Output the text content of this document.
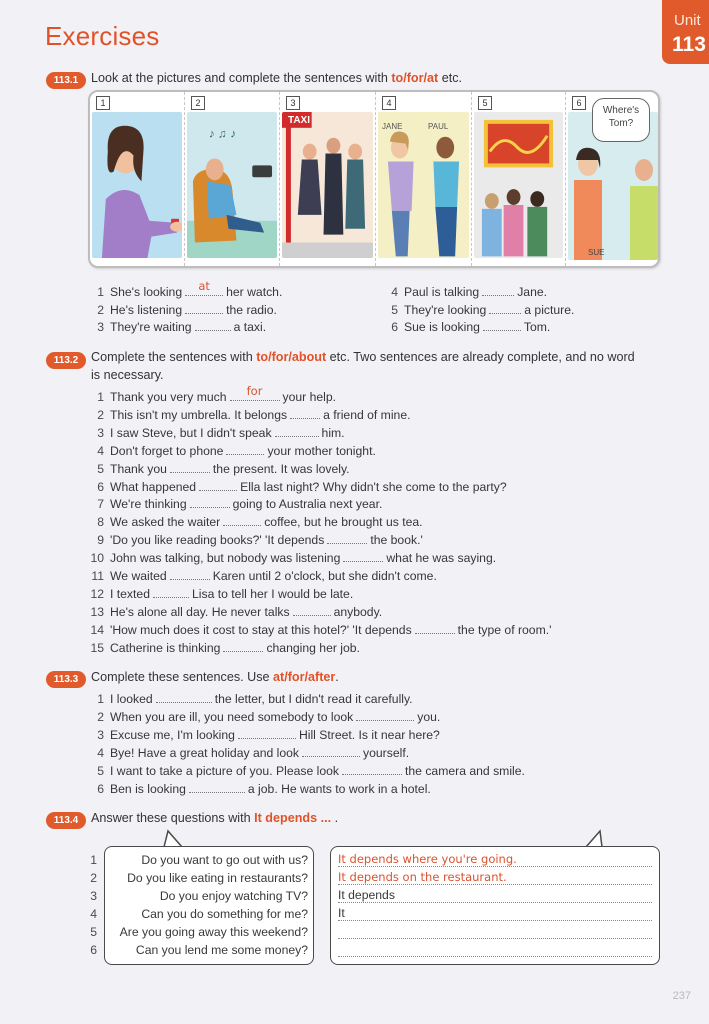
Unit
113
Exercises
113.1	Look at the pictures and complete the sentences with to/for/at etc.
1	2
♪ ♫ ♪
3
TAXI
4
JANE	PAUL
5	6
Where's Tom?
SUE
1 She's looking	at	her watch.
2 He's listening	the radio.
3 They're waiting	a taxi.
4 Paul is talking	Jane.
5 They're looking	a picture.
6 Sue is looking	Tom.
113.2	Complete the sentences with to/for/about etc. Two sentences are already complete, and no word
is necessary.
1 Thank you very much	for	your help.
2 This isn't my umbrella. It belongs	a friend of mine.
3 I saw Steve, but I didn't speak	him.
4 Don't forget to phone	your mother tonight.
5 Thank you	the present. It was lovely.
6 What happened	Ella last night? Why didn't she come to the party?
7 We're thinking	going to Australia next year.
8 We asked the waiter	coffee, but he brought us tea.
9 'Do you like reading books?' 'It depends	the book.'
10 John was talking, but nobody was listening	what he was saying.
11 We waited	Karen until 2 o'clock, but she didn't come.
12 I texted	Lisa to tell her I would be late.
13 He's alone all day. He never talks	anybody.
14 'How much does it cost to stay at this hotel?' 'It depends	the type of room.'
15 Catherine is thinking	changing her job.
113.3	Complete these sentences. Use at/for/after.
1 I looked	the letter, but I didn't read it carefully.
2 When you are ill, you need somebody to look	you.
3 Excuse me, I'm looking	Hill Street. Is it near here?
4 Bye! Have a great holiday and look	yourself.
5 I want to take a picture of you. Please look	the camera and smile.
6 Ben is looking	a job. He wants to work in a hotel.
113.4	Answer these questions with It depends ... .
1	Do you want to go out with us?
2 Do you like eating in restaurants?
3	Do you enjoy watching TV?
4	Can you do something for me?
5 Are you going away this weekend?
6	Can you lend me some money?
It depends where you're going.
It depends on the restaurant.
It depends
It
237
